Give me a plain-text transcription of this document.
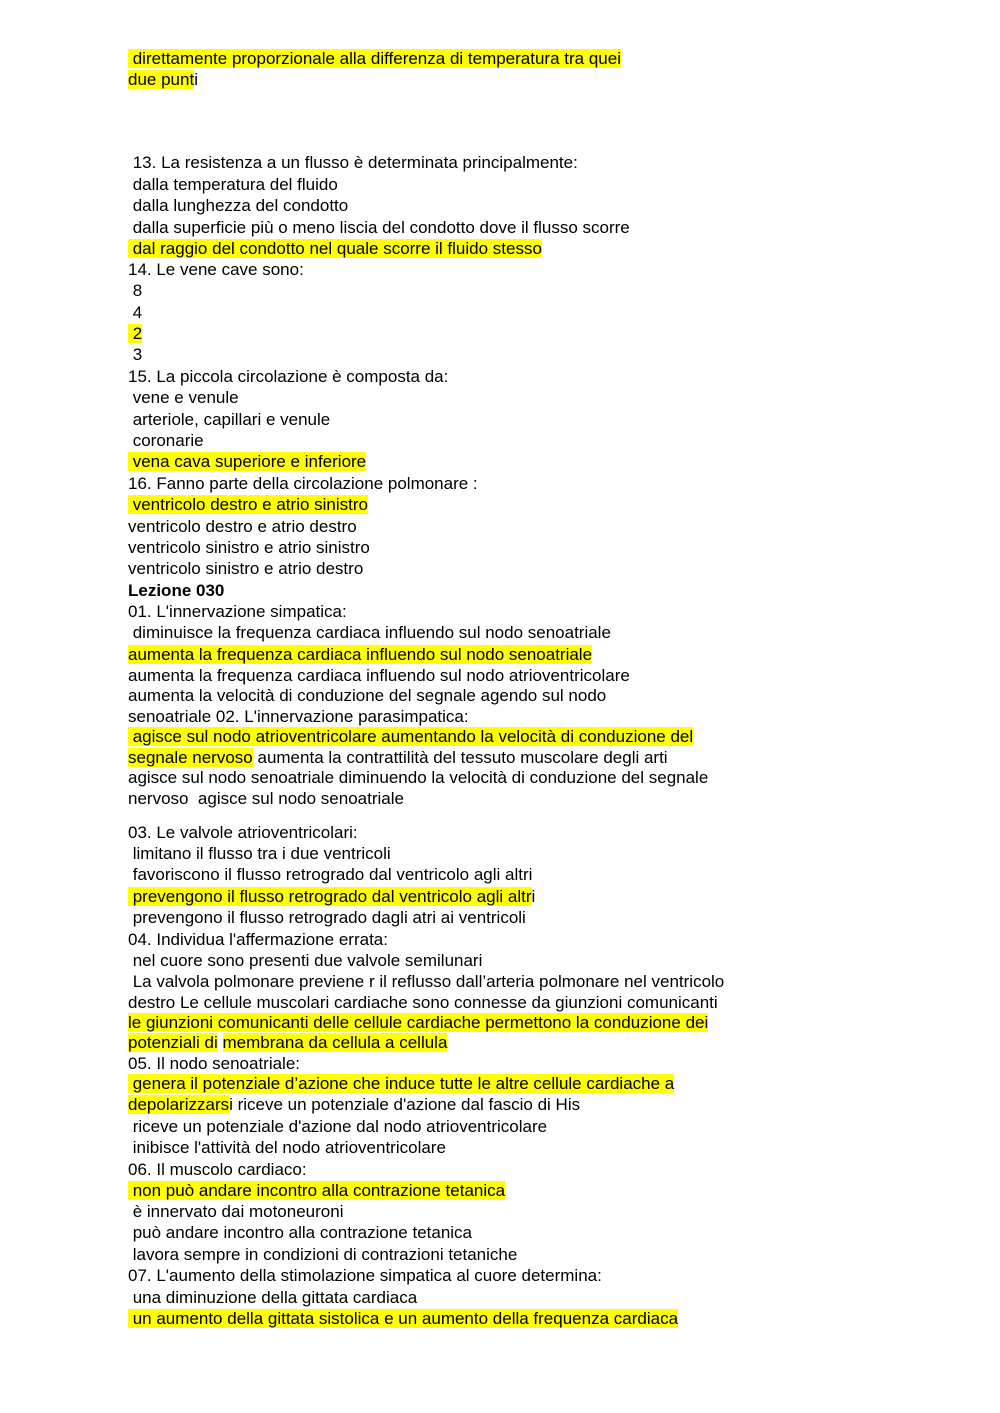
direttamente proporzionale alla differenza di temperatura tra quei
due punti
13. La resistenza a un flusso è determinata principalmente:
dalla temperatura del fluido
dalla lunghezza del condotto
dalla superficie più o meno liscia del condotto dove il flusso scorre
dal raggio del condotto nel quale scorre il fluido stesso
14. Le vene cave sono:
8
4
2
3
15. La piccola circolazione è composta da:
vene e venule
arteriole, capillari e venule
coronarie
vena cava superiore e inferiore
16. Fanno parte della circolazione polmonare :
ventricolo destro e atrio sinistro
ventricolo destro e atrio destro
ventricolo sinistro e atrio sinistro
ventricolo sinistro e atrio destro
Lezione 030
01. L'innervazione simpatica:
diminuisce la frequenza cardiaca influendo sul nodo senoatriale
aumenta la frequenza cardiaca influendo sul nodo senoatriale
aumenta la frequenza cardiaca influendo sul nodo atrioventricolare
aumenta la velocità di conduzione del segnale agendo sul nodo
senoatriale 02. L'innervazione parasimpatica:
agisce sul nodo atrioventricolare aumentando la velocità di conduzione del
segnale nervoso aumenta la contrattilità del tessuto muscolare degli arti
agisce sul nodo senoatriale diminuendo la velocità di conduzione del segnale
nervoso  agisce sul nodo senoatriale
03. Le valvole atrioventricolari:
limitano il flusso tra i due ventricoli
favoriscono il flusso retrogrado dal ventricolo agli altri
prevengono il flusso retrogrado dal ventricolo agli altri
prevengono il flusso retrogrado dagli atri ai ventricoli
04. Individua l'affermazione errata:
nel cuore sono presenti due valvole semilunari
La valvola polmonare previene r il reflusso dall’arteria polmonare nel ventricolo
destro Le cellule muscolari cardiache sono connesse da giunzioni comunicanti
le giunzioni comunicanti delle cellule cardiache permettono la conduzione dei
potenziali di membrana da cellula a cellula
05. Il nodo senoatriale:
genera il potenziale d’azione che induce tutte le altre cellule cardiache a
depolarizzarsi riceve un potenziale d'azione dal fascio di His
riceve un potenziale d'azione dal nodo atrioventricolare
inibisce l'attività del nodo atrioventricolare
06. Il muscolo cardiaco:
non può andare incontro alla contrazione tetanica
è innervato dai motoneuroni
può andare incontro alla contrazione tetanica
lavora sempre in condizioni di contrazioni tetaniche
07. L'aumento della stimolazione simpatica al cuore determina:
una diminuzione della gittata cardiaca
un aumento della gittata sistolica e un aumento della frequenza cardiaca
